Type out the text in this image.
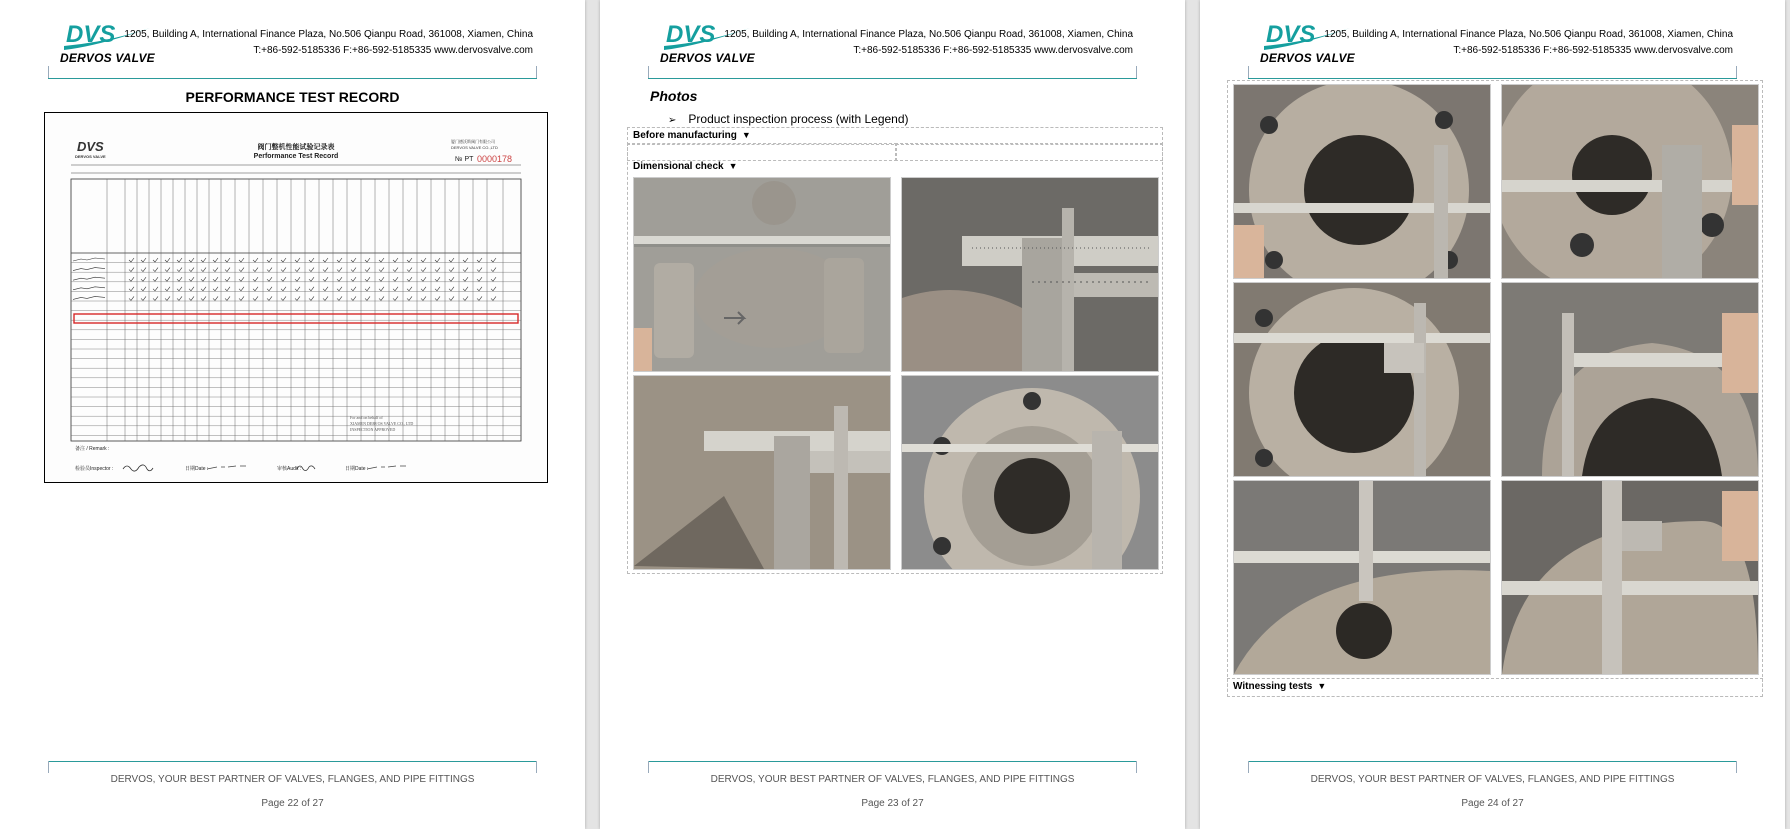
DVS
DERVOS VALVE
1205, Building A, International Finance Plaza, No.506 Qianpu Road, 361008, Xiamen, China
T:+86-592-5185336 F:+86-592-5185335 www.dervosvalve.com
PERFORMANCE TEST RECORD
DVS
DERVOS VALVE
阀门整机性能试验记录表
Performance Test Record
厦门德沃斯阀门有限公司
DERVOS VALVE CO.,LTD
№ PT 0000178
For and on behalf of
XIAMEN DERVOS VALVE CO., LTD
INSPECTION APPROVED
备注 / Remark :
检验员Inspector :	日期Date :	审核Audit :	日期Date :
DERVOS, YOUR BEST PARTNER OF VALVES, FLANGES, AND PIPE FITTINGS
Page 22 of 27
DVS
DERVOS VALVE
1205, Building A, International Finance Plaza, No.506 Qianpu Road, 361008, Xiamen, China
T:+86-592-5185336 F:+86-592-5185335 www.dervosvalve.com
Photos
➢ Product inspection process (with Legend)
Before manufacturing ▼
Dimensional check ▼
DERVOS, YOUR BEST PARTNER OF VALVES, FLANGES, AND PIPE FITTINGS
Page 23 of 27
DVS
DERVOS VALVE
1205, Building A, International Finance Plaza, No.506 Qianpu Road, 361008, Xiamen, China
T:+86-592-5185336 F:+86-592-5185335 www.dervosvalve.com
Witnessing tests ▼
DERVOS, YOUR BEST PARTNER OF VALVES, FLANGES, AND PIPE FITTINGS
Page 24 of 27
